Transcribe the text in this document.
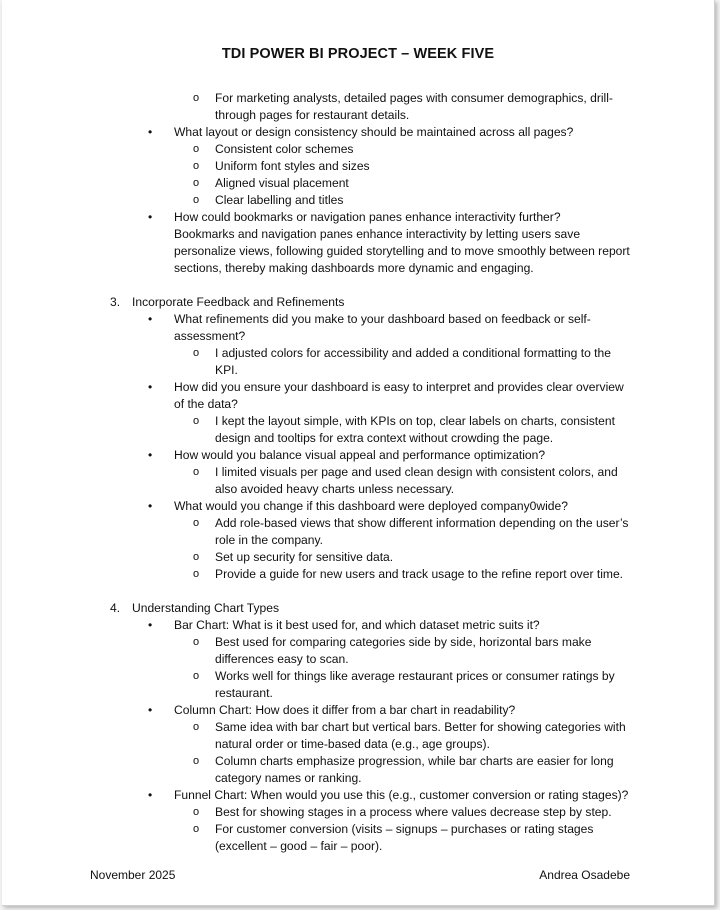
TDI POWER BI PROJECT – WEEK FIVE
o For marketing analysts, detailed pages with consumer demographics, drill-through pages for restaurant details.
• What layout or design consistency should be maintained across all pages?
o Consistent color schemes
o Uniform font styles and sizes
o Aligned visual placement
o Clear labelling and titles
• How could bookmarks or navigation panes enhance interactivity further?
Bookmarks and navigation panes enhance interactivity by letting users save personalize views, following guided storytelling and to move smoothly between report sections, thereby making dashboards more dynamic and engaging.
3. Incorporate Feedback and Refinements
• What refinements did you make to your dashboard based on feedback or self-assessment?
o I adjusted colors for accessibility and added a conditional formatting to the KPI.
• How did you ensure your dashboard is easy to interpret and provides clear overview of the data?
o I kept the layout simple, with KPIs on top, clear labels on charts, consistent design and tooltips for extra context without crowding the page.
• How would you balance visual appeal and performance optimization?
o I limited visuals per page and used clean design with consistent colors, and also avoided heavy charts unless necessary.
• What would you change if this dashboard were deployed company0wide?
o Add role-based views that show different information depending on the user’s role in the company.
o Set up security for sensitive data.
o Provide a guide for new users and track usage to the refine report over time.
4. Understanding Chart Types
• Bar Chart: What is it best used for, and which dataset metric suits it?
o Best used for comparing categories side by side, horizontal bars make differences easy to scan.
o Works well for things like average restaurant prices or consumer ratings by restaurant.
• Column Chart: How does it differ from a bar chart in readability?
o Same idea with bar chart but vertical bars. Better for showing categories with natural order or time-based data (e.g., age groups).
o Column charts emphasize progression, while bar charts are easier for long category names or ranking.
• Funnel Chart: When would you use this (e.g., customer conversion or rating stages)?
o Best for showing stages in a process where values decrease step by step.
o For customer conversion (visits – signups – purchases or rating stages (excellent – good – fair – poor).
November 2025	Andrea Osadebe
